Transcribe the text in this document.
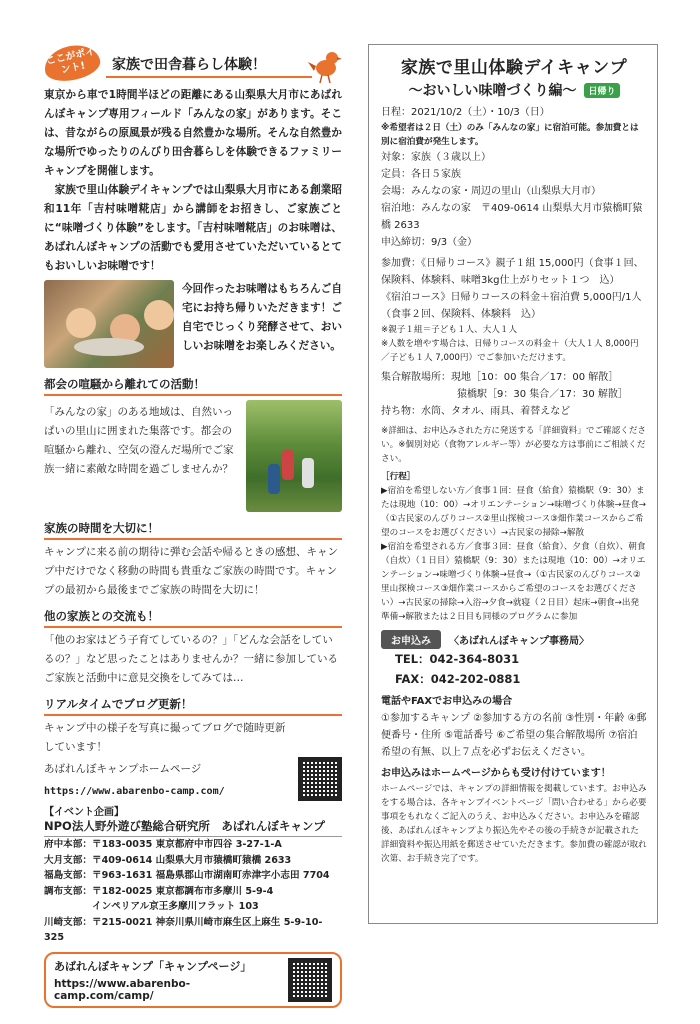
ここがポイント!	家族で田舎暮らし体験！

東京から車で1時間半ほどの距離にある山梨県大月市にあばれんぼキャンプ専用フィールド「みんなの家」があります。そこは、昔ながらの原風景が残る自然豊かな場所。そんな自然豊かな場所でゆったりのんびり田舎暮らしを体験できるファミリーキャンプを開催します。

家族で里山体験デイキャンプでは山梨県大月市にある創業昭和11年「吉村味噌糀店」から講師をお招きし、ご家族ごとに“味噌づくり体験”をします。「吉村味噌糀店」のお味噌は、あばれんぼキャンプの活動でも愛用させていただいているとてもおいしいお味噌です！

今回作ったお味噌はもちろんご自宅にお持ち帰りいただきます！ご自宅でじっくり発酵させて、おいしいお味噌をお楽しみください。

都会の喧騒から離れての活動！

「みんなの家」のある地域は、自然いっぱいの里山に囲まれた集落です。都会の喧騒から離れ、空気の澄んだ場所でご家族一緒に素敵な時間を過ごしませんか？

家族の時間を大切に！

キャンプに来る前の期待に弾む会話や帰るときの感想、キャンプ中だけでなく移動の時間も貴重なご家族の時間です。キャンプの最初から最後までご家族の時間を大切に！

他の家族との交流も！

「他のお家はどう子育てしているの？」「どんな会話をしているの？」など思ったことはありませんか？一緒に参加しているご家族と活動中に意見交換をしてみては…

リアルタイムでブログ更新！

キャンプ中の様子を写真に撮ってブログで随時更新しています！

あばれんぼキャンプホームページ

https://www.abarenbo-camp.com/

【イベント企画】
NPO法人野外遊び塾総合研究所　あばれんぼキャンプ
府中本部：〒183-0035 東京都府中市四谷 3-27-1-A
大月支部：〒409-0614 山梨県大月市猿橋町猿橋 2633
福島支部：〒963-1631 福島県郡山市湖南町赤津字小志田 7704
調布支部：〒182-0025 東京都調布市多摩川 5-9-4
インペリアル京王多摩川フラット 103
川崎支部：〒215-0021 神奈川県川崎市麻生区上麻生 5-9-10-325
あばれんぼキャンプ「キャンプページ」
https://www.abarenbo-camp.com/camp/
家族で里山体験デイキャンプ
～おいしい味噌づくり編～	日帰り
日程：2021/10/2（土）・10/3（日）
※希望者は２日（土）のみ「みんなの家」に宿泊可能。参加費とは別に宿泊費が発生します。
対象：家族（３歳以上）
定員：各日５家族
会場：みんなの家・周辺の里山（山梨県大月市）
宿泊地：みんなの家　〒409-0614 山梨県大月市猿橋町猿橋 2633
申込締切：9/3（金）
参加費：《日帰りコース》親子１組 15,000円（食事１回、保険料、体験料、味噌3kg仕上がりセット１つ　込）
《宿泊コース》日帰りコースの料金＋宿泊費 5,000円/1人（食事２回、保険料、体験料　込）
※親子１組＝子ども１人、大人１人
※人数を増やす場合は、日帰りコースの料金＋（大人１人 8,000円／子ども１人 7,000円）でご参加いただけます。
集合解散場所：現地［10：00 集合／17：00 解散］
猿橋駅［9：30 集合／17：30 解散］
持ち物：水筒、タオル、雨具、着替えなど
※詳細は、お申込みされた方に発送する「詳細資料」でご確認ください。※個別対応（食物アレルギー等）が必要な方は事前にご相談ください。
［行程］
▶宿泊を希望しない方／食事１回：昼食（給食）猿橋駅（9：30）または現地（10：00）→オリエンテーション→味噌づくり体験→昼食→（①古民家のんびりコース②里山探検コース③畑作業コースからご希望のコースをお選びください）→古民家の掃除→解散
▶宿泊を希望される方／食事３回：昼食（給食）、夕食（自炊）、朝食（自炊）（１日目）猿橋駅（9：30）または現地（10：00）→オリエンテーション→味噌づくり体験→昼食→（①古民家のんびりコース②里山探検コース③畑作業コースからご希望のコースをお選びください）→古民家の掃除→入浴→夕食→就寝（２日目）起床→朝食→出発準備→解散または２日目も同様のプログラムに参加
お申込み	〈あばれんぼキャンプ事務局〉
TEL：042-364-8031
FAX：042-202-0881
電話やFAXでお申込みの場合
①参加するキャンプ ②参加する方の名前 ③性別・年齢 ④郵便番号・住所 ⑤電話番号 ⑥ご希望の集合解散場所 ⑦宿泊希望の有無、以上７点を必ずお伝えください。
お申込みはホームページからも受け付けています！
ホームページでは、キャンプの詳細情報を掲載しています。お申込みをする場合は、各キャンプイベントページ「問い合わせる」から必要事項をもれなくご記入のうえ、お申込みください。お申込みを確認後、あばれんぼキャンプより振込先やその後の手続きが記載された詳細資料や振込用紙を郵送させていただきます。参加費の確認が取れ次第、お手続き完了です。
